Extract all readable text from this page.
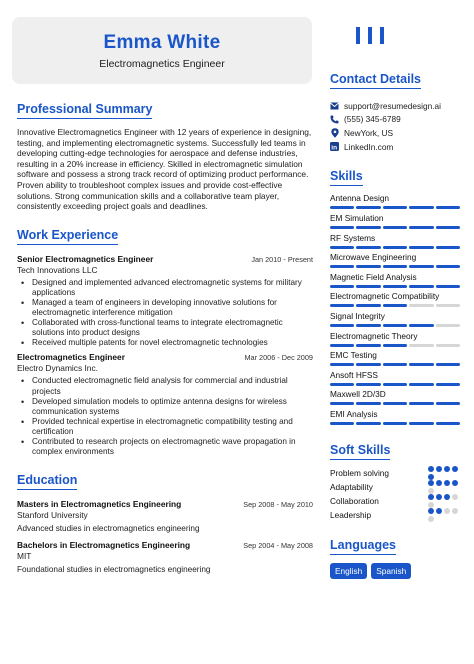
Emma White
Electromagnetics Engineer
Professional Summary
Innovative Electromagnetics Engineer with 12 years of experience in designing, testing, and implementing electromagnetic systems. Successfully led teams in developing cutting-edge technologies for aerospace and defense industries, resulting in a 20% increase in efficiency. Skilled in electromagnetic simulation software and possess a strong track record of optimizing product performance. Proven ability to troubleshoot complex issues and provide cost-effective solutions. Strong communication skills and a collaborative team player, consistently exceeding project goals and deadlines.
Work Experience
Senior Electromagnetics Engineer	Jan 2010 - Present
Tech Innovations LLC
• Designed and implemented advanced electromagnetic systems for military applications
• Managed a team of engineers in developing innovative solutions for electromagnetic interference mitigation
• Collaborated with cross-functional teams to integrate electromagnetic solutions into product designs
• Received multiple patents for novel electromagnetic technologies
Electromagnetics Engineer	Mar 2006 - Dec 2009
Electro Dynamics Inc.
• Conducted electromagnetic field analysis for commercial and industrial projects
• Developed simulation models to optimize antenna designs for wireless communication systems
• Provided technical expertise in electromagnetic compatibility testing and certification
• Contributed to research projects on electromagnetic wave propagation in complex environments
Education
Masters in Electromagnetics Engineering	Sep 2008 - May 2010
Stanford University
Advanced studies in electromagnetics engineering
Bachelors in Electromagnetics Engineering	Sep 2004 - May 2008
MIT
Foundational studies in electromagnetics engineering
Contact Details
support@resumedesign.ai
(555) 345-6789
NewYork, US
in LinkedIn.com
Skills
Antenna Design
EM Simulation
RF Systems
Microwave Engineering
Magnetic Field Analysis
Electromagnetic Compatibility
Signal Integrity
Electromagnetic Theory
EMC Testing
Ansoft HFSS
Maxwell 2D/3D
EMI Analysis
Soft Skills
Problem solving
Adaptability
Collaboration
Leadership
Languages
English	Spanish
